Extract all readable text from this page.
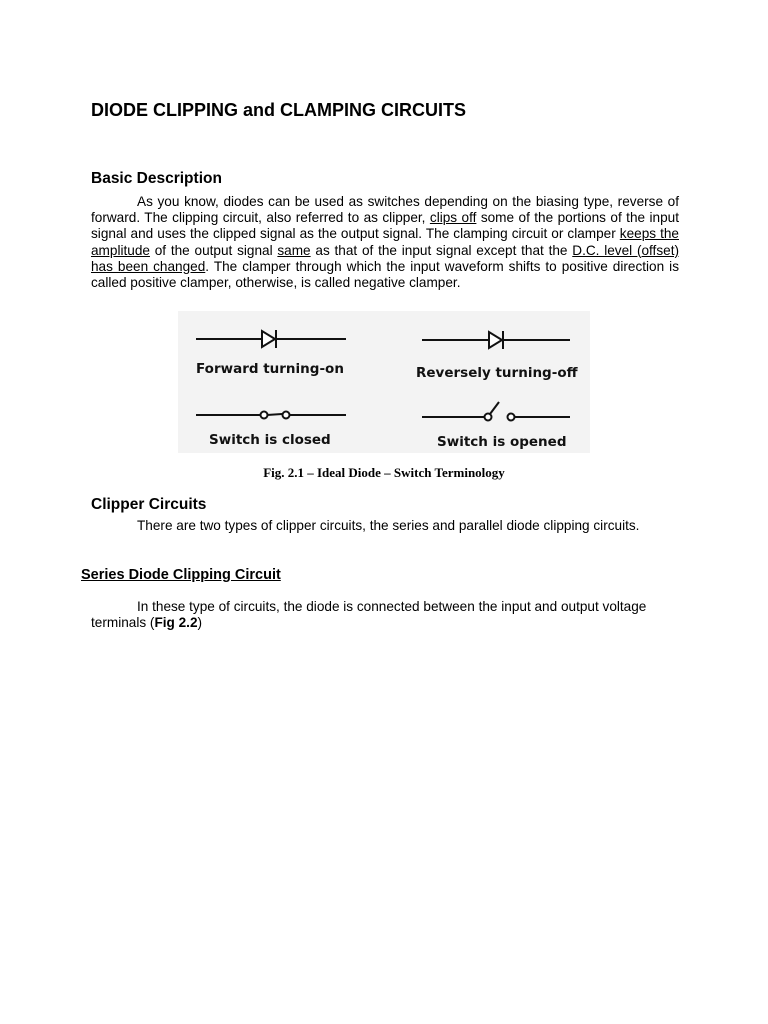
DIODE CLIPPING and CLAMPING CIRCUITS
Basic Description

As you know, diodes can be used as switches depending on the biasing type, reverse of forward. The clipping circuit, also referred to as clipper, clips off some of the portions of the input signal and uses the clipped signal as the output signal. The clamping circuit or clamper keeps the amplitude of the output signal same as that of the input signal except that the D.C. level (offset) has been changed. The clamper through which the input waveform shifts to positive direction is called positive clamper, otherwise, is called negative clamper.

Forward turning-on	Reversely turning-off
Switch is closed	Switch is opened
Fig. 2.1 – Ideal Diode – Switch Terminology
Clipper Circuits

There are two types of clipper circuits, the series and parallel diode clipping circuits.

Series Diode Clipping Circuit

In these type of circuits, the diode is connected between the input and output voltage terminals (Fig 2.2)
